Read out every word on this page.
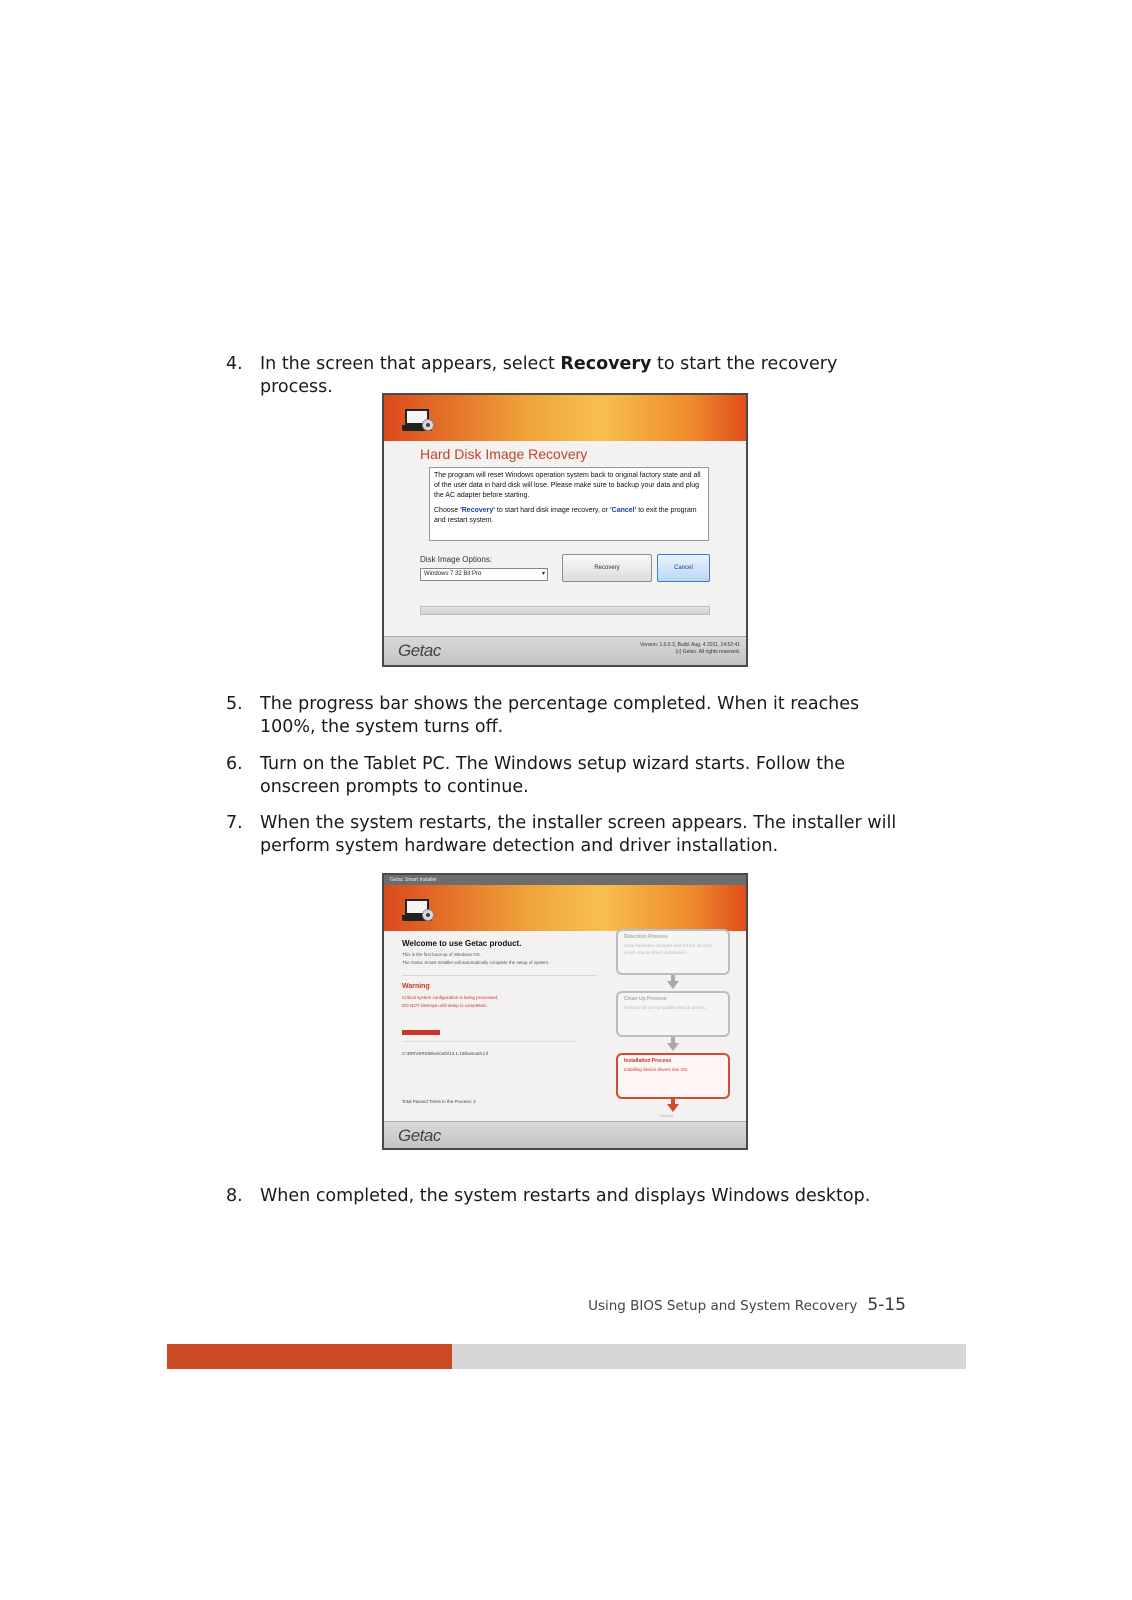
4. In the screen that appears, select Recovery to start the recovery process.
Hard Disk Image Recovery

The program will reset Windows operation system back to original factory state and all of the user data in hard disk will lose. Please make sure to backup your data and plug the AC adapter before starting.

Choose 'Recovery' to start hard disk image recovery, or 'Cancel' to exit the program and restart system.

Disk Image Options:
Windows 7 32 Bit Pro	▾
Recovery	Cancel
Getac	Version: 1.0.0.3, Build: Aug. 4 2011, 14:52:41
(c) Getac. All rights reserved.
5. The progress bar shows the percentage completed. When it reaches 100%, the system turns off.
6. Turn on the Tablet PC. The Windows setup wizard starts. Follow the onscreen prompts to continue.
7. When the system restarts, the installer screen appears. The installer will perform system hardware detection and driver installation.
Getac Smart Installer
Welcome to use Getac product.
This is the first boot-up of Windows OS.
The Getac Smart Installer will automatically complete the setup of system.
Warning
Critical system configuration is being processed.
DO NOT interrupt until setup is completed...
C:\DRIVERS\Bluetooth\12.1.1\Bluetooth.inf
Total Passed Times in the Process: 2
Detection Process
Scan hardware changes and list the devices which require driver installation.
Clean Up Process
Remove all un-compatible device drivers.
Installation Process
Installing device drivers into OS.
Reboot
Getac
8. When completed, the system restarts and displays Windows desktop.
Using BIOS Setup and System Recovery 5-15
